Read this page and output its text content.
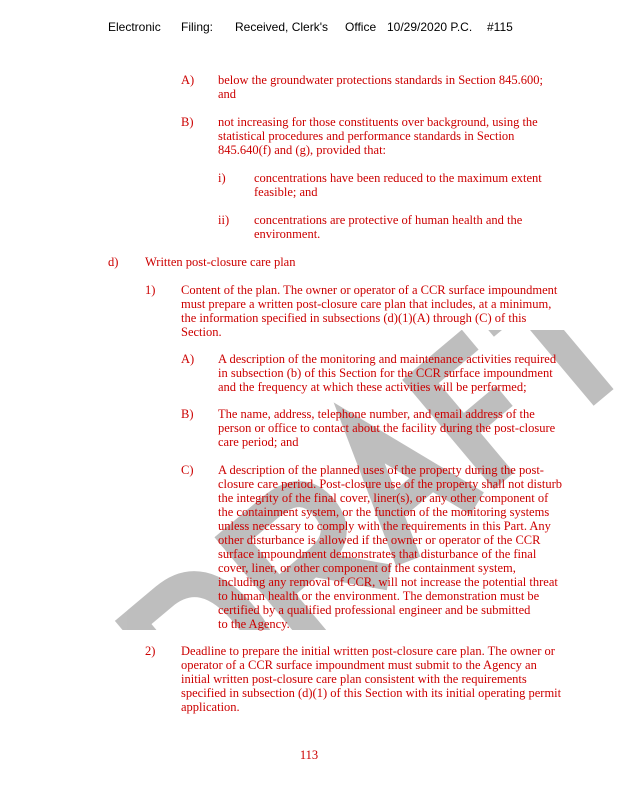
Electronic	Filing:	Received, Clerk's	Office 10/29/2020 P.C.	#115
A) below the groundwater protections standards in Section 845.600;
and
B) not increasing for those constituents over background, using the
statistical procedures and performance standards in Section
845.640(f) and (g), provided that:
i) concentrations have been reduced to the maximum extent
feasible; and
ii) concentrations are protective of human health and the
environment.
d) Written post-closure care plan
1) Content of the plan. The owner or operator of a CCR surface impoundment
must prepare a written post-closure care plan that includes, at a minimum,
the information specified in subsections (d)(1)(A) through (C) of this
Section.
A) A description of the monitoring and maintenance activities required
in subsection (b) of this Section for the CCR surface impoundment
and the frequency at which these activities will be performed;
B) The name, address, telephone number, and email address of the
person or office to contact about the facility during the post-closure
care period; and
C) A description of the planned uses of the property during the post-
closure care period. Post-closure use of the property shall not disturb
the integrity of the final cover, liner(s), or any other component of
the containment system, or the function of the monitoring systems
unless necessary to comply with the requirements in this Part. Any
other disturbance is allowed if the owner or operator of the CCR
surface impoundment demonstrates that disturbance of the final
cover, liner, or other component of the containment system,
including any removal of CCR, will not increase the potential threat
to human health or the environment. The demonstration must be
certified by a qualified professional engineer and be submitted
to the Agency.
2) Deadline to prepare the initial written post-closure care plan. The owner or
operator of a CCR surface impoundment must submit to the Agency an
initial written post-closure care plan consistent with the requirements
specified in subsection (d)(1) of this Section with its initial operating permit
application.
113
